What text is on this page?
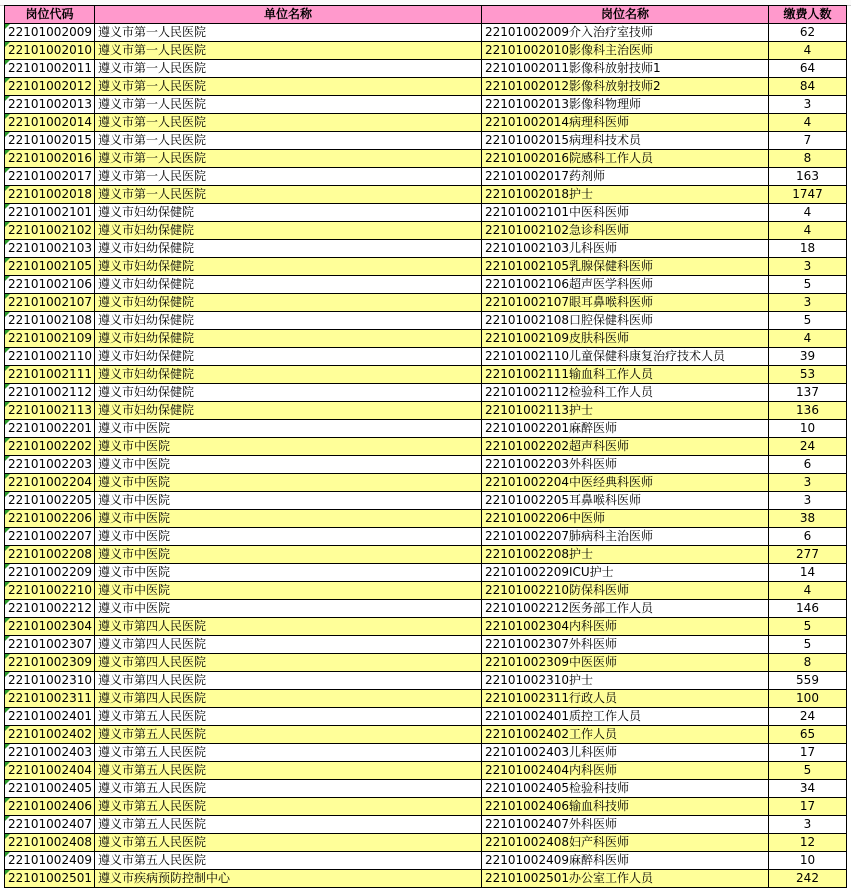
岗位代码	单位名称	岗位名称	缴费人数
22101002009	遵义市第一人民医院	22101002009介入治疗室技师	62
22101002010	遵义市第一人民医院	22101002010影像科主治医师	4
22101002011	遵义市第一人民医院	22101002011影像科放射技师1	64
22101002012	遵义市第一人民医院	22101002012影像科放射技师2	84
22101002013	遵义市第一人民医院	22101002013影像科物理师	3
22101002014	遵义市第一人民医院	22101002014病理科医师	4
22101002015	遵义市第一人民医院	22101002015病理科技术员	7
22101002016	遵义市第一人民医院	22101002016院感科工作人员	8
22101002017	遵义市第一人民医院	22101002017药剂师	163
22101002018	遵义市第一人民医院	22101002018护士	1747
22101002101	遵义市妇幼保健院	22101002101中医科医师	4
22101002102	遵义市妇幼保健院	22101002102急诊科医师	4
22101002103	遵义市妇幼保健院	22101002103儿科医师	18
22101002105	遵义市妇幼保健院	22101002105乳腺保健科医师	3
22101002106	遵义市妇幼保健院	22101002106超声医学科医师	5
22101002107	遵义市妇幼保健院	22101002107眼耳鼻喉科医师	3
22101002108	遵义市妇幼保健院	22101002108口腔保健科医师	5
22101002109	遵义市妇幼保健院	22101002109皮肤科医师	4
22101002110	遵义市妇幼保健院	22101002110儿童保健科康复治疗技术人员	39
22101002111	遵义市妇幼保健院	22101002111输血科工作人员	53
22101002112	遵义市妇幼保健院	22101002112检验科工作人员	137
22101002113	遵义市妇幼保健院	22101002113护士	136
22101002201	遵义市中医院	22101002201麻醉医师	10
22101002202	遵义市中医院	22101002202超声科医师	24
22101002203	遵义市中医院	22101002203外科医师	6
22101002204	遵义市中医院	22101002204中医经典科医师	3
22101002205	遵义市中医院	22101002205耳鼻喉科医师	3
22101002206	遵义市中医院	22101002206中医师	38
22101002207	遵义市中医院	22101002207肺病科主治医师	6
22101002208	遵义市中医院	22101002208护士	277
22101002209	遵义市中医院	22101002209ICU护士	14
22101002210	遵义市中医院	22101002210防保科医师	4
22101002212	遵义市中医院	22101002212医务部工作人员	146
22101002304	遵义市第四人民医院	22101002304内科医师	5
22101002307	遵义市第四人民医院	22101002307外科医师	5
22101002309	遵义市第四人民医院	22101002309中医医师	8
22101002310	遵义市第四人民医院	22101002310护士	559
22101002311	遵义市第四人民医院	22101002311行政人员	100
22101002401	遵义市第五人民医院	22101002401质控工作人员	24
22101002402	遵义市第五人民医院	22101002402工作人员	65
22101002403	遵义市第五人民医院	22101002403儿科医师	17
22101002404	遵义市第五人民医院	22101002404内科医师	5
22101002405	遵义市第五人民医院	22101002405检验科技师	34
22101002406	遵义市第五人民医院	22101002406输血科技师	17
22101002407	遵义市第五人民医院	22101002407外科医师	3
22101002408	遵义市第五人民医院	22101002408妇产科医师	12
22101002409	遵义市第五人民医院	22101002409麻醉科医师	10
22101002501	遵义市疾病预防控制中心	22101002501办公室工作人员	242
